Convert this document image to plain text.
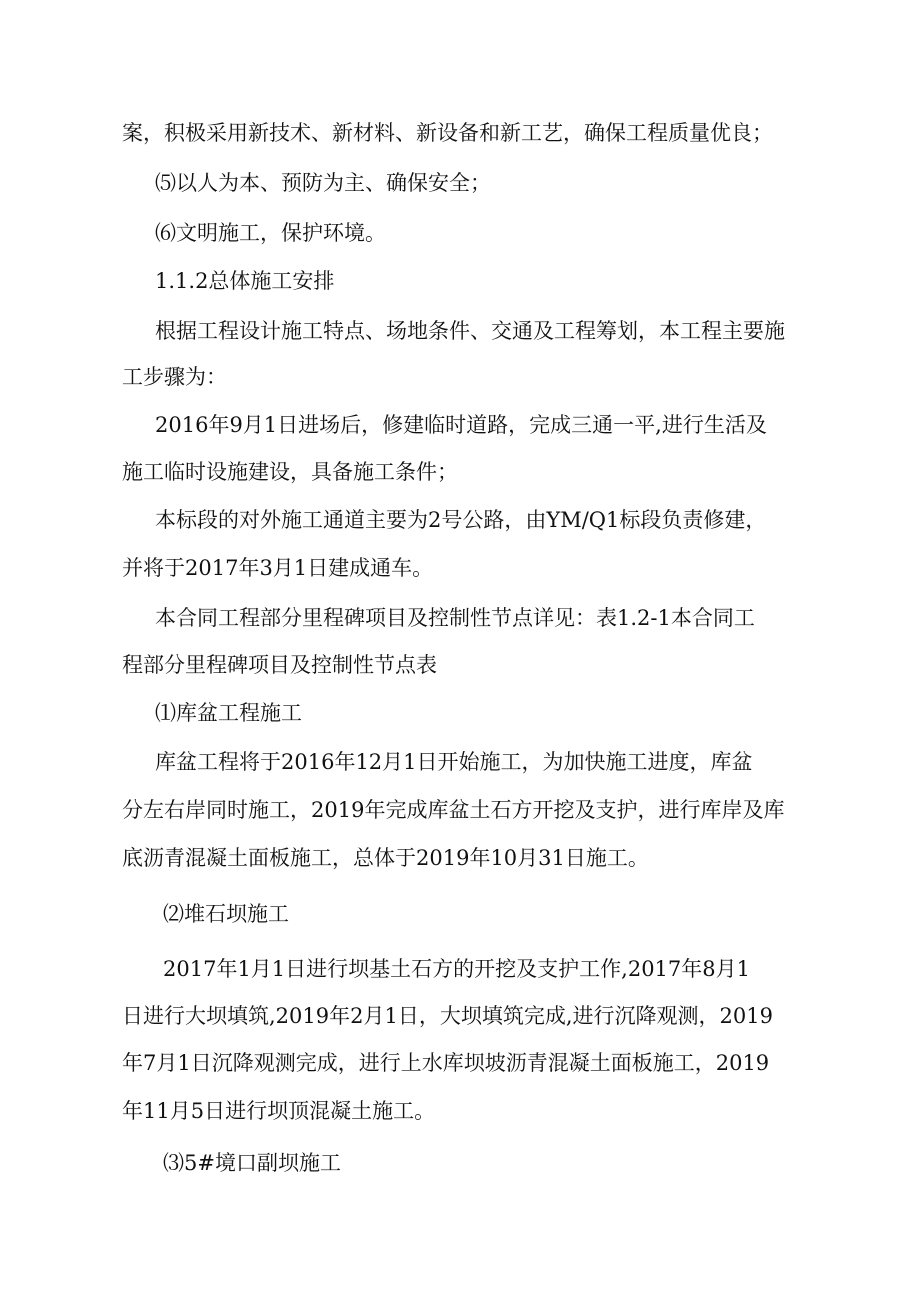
案，积极采用新技术、新材料、新设备和新工艺，确保工程质量优良；
⑸以人为本、预防为主、确保安全；
⑹文明施工，保护环境。
1.1.2总体施工安排
根据工程设计施工特点、场地条件、交通及工程筹划，本工程主要施
工步骤为：
2016年9月1日进场后，修建临时道路，完成三通一平,进行生活及
施工临时设施建设，具备施工条件；
本标段的对外施工通道主要为2号公路，由YM/Q1标段负责修建，
并将于2017年3月1日建成通车。
本合同工程部分里程碑项目及控制性节点详见：表1.2-1本合同工
程部分里程碑项目及控制性节点表
⑴库盆工程施工
库盆工程将于2016年12月1日开始施工，为加快施工进度，库盆
分左右岸同时施工，2019年完成库盆土石方开挖及支护，进行库岸及库
底沥青混凝土面板施工，总体于2019年10月31日施工。
⑵堆石坝施工
2017年1月1日进行坝基土石方的开挖及支护工作,2017年8月1
日进行大坝填筑,2019年2月1日，大坝填筑完成,进行沉降观测，2019
年7月1日沉降观测完成，进行上水库坝坡沥青混凝土面板施工，2019
年11月5日进行坝顶混凝土施工。
⑶5#境口副坝施工
